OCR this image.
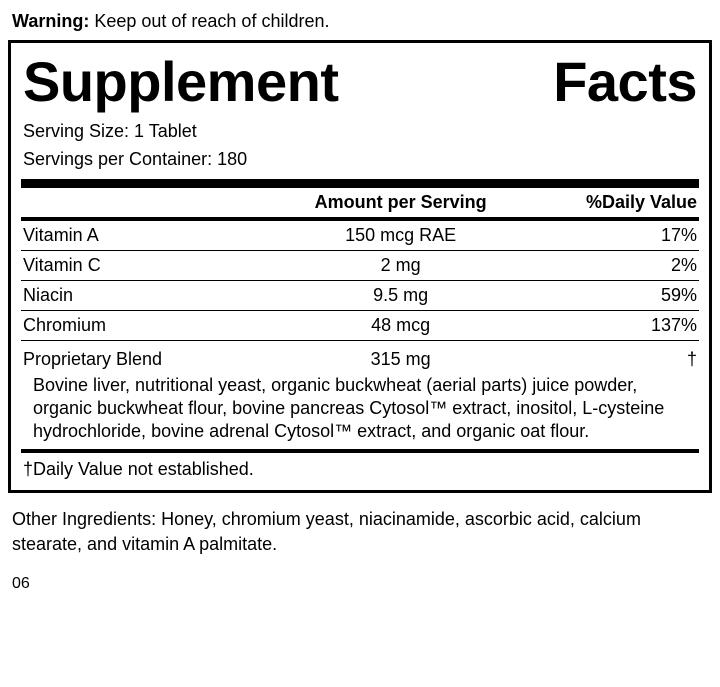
Warning: Keep out of reach of children.
Supplement	Facts
Serving Size: 1 Tablet
Servings per Container: 180
	Amount per Serving	%Daily Value
Vitamin A	150 mcg RAE	17%
Vitamin C	2 mg	2%
Niacin	9.5 mg	59%
Chromium	48 mcg	137%
Proprietary Blend	315 mg	†
Bovine liver, nutritional yeast, organic buckwheat (aerial parts) juice powder, organic buckwheat flour, bovine pancreas Cytosol™ extract, inositol, L-cysteine hydrochloride, bovine adrenal Cytosol™ extract, and organic oat flour.
†Daily Value not established.
Other Ingredients: Honey, chromium yeast, niacinamide, ascorbic acid, calcium stearate, and vitamin A palmitate.
06
